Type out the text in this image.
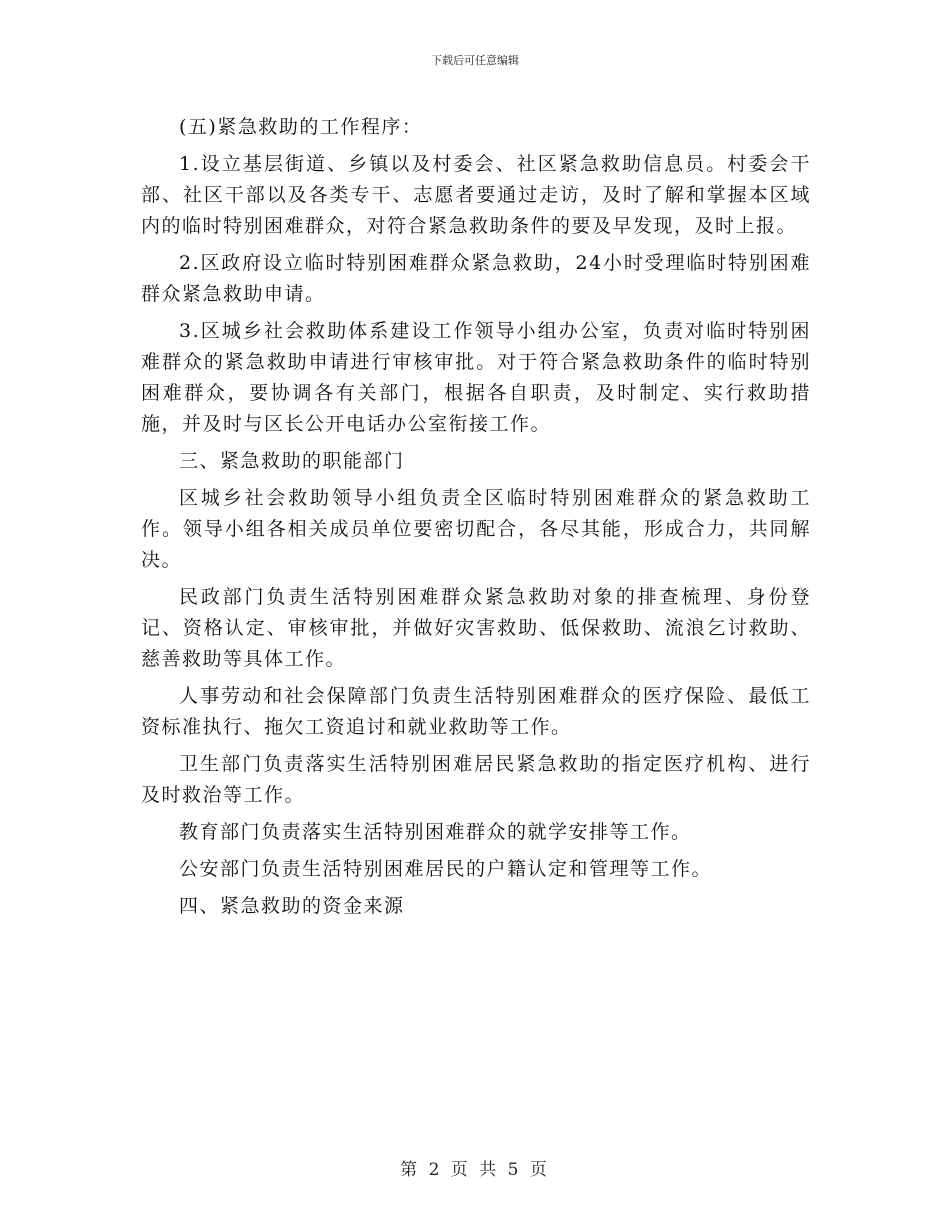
下载后可任意编辑

(五)紧急救助的工作程序：

1.设立基层街道、乡镇以及村委会、社区紧急救助信息员。村委会干部、社区干部以及各类专干、志愿者要通过走访，及时了解和掌握本区域内的临时特别困难群众，对符合紧急救助条件的要及早发现，及时上报。

2.区政府设立临时特别困难群众紧急救助，24小时受理临时特别困难群众紧急救助申请。

3.区城乡社会救助体系建设工作领导小组办公室，负责对临时特别困难群众的紧急救助申请进行审核审批。对于符合紧急救助条件的临时特别困难群众，要协调各有关部门，根据各自职责，及时制定、实行救助措施，并及时与区长公开电话办公室衔接工作。

三、紧急救助的职能部门

区城乡社会救助领导小组负责全区临时特别困难群众的紧急救助工作。领导小组各相关成员单位要密切配合，各尽其能，形成合力，共同解决。

民政部门负责生活特别困难群众紧急救助对象的排查梳理、身份登记、资格认定、审核审批，并做好灾害救助、低保救助、流浪乞讨救助、慈善救助等具体工作。

人事劳动和社会保障部门负责生活特别困难群众的医疗保险、最低工资标准执行、拖欠工资追讨和就业救助等工作。

卫生部门负责落实生活特别困难居民紧急救助的指定医疗机构、进行及时救治等工作。

教育部门负责落实生活特别困难群众的就学安排等工作。

公安部门负责生活特别困难居民的户籍认定和管理等工作。

四、紧急救助的资金来源

第 2 页 共 5 页
